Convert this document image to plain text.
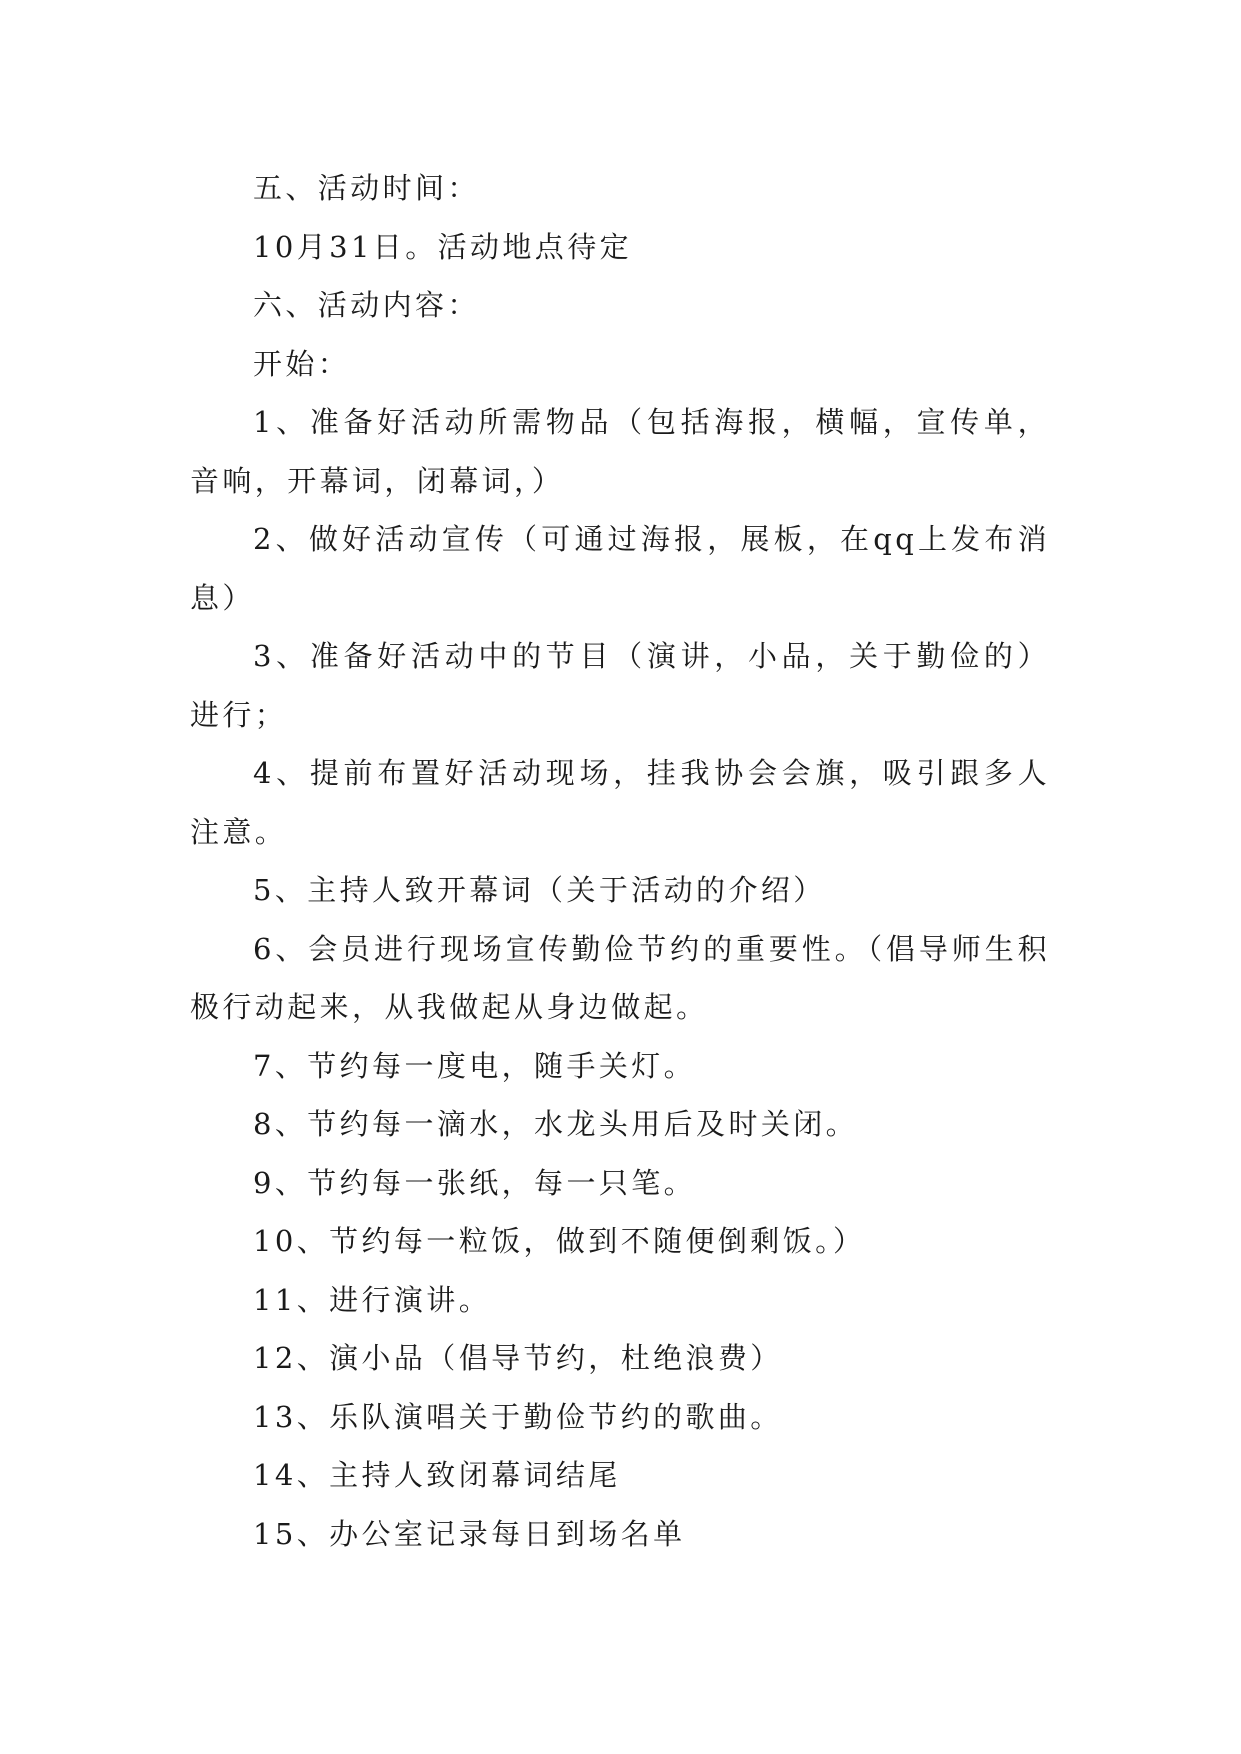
五、活动时间：

10月31日。活动地点待定

六、活动内容：

开始：

1、准备好活动所需物品（包括海报，横幅，宣传单，音响，开幕词，闭幕词，）

2、做好活动宣传（可通过海报，展板，在qq上发布消息）

3、准备好活动中的节目（演讲，小品，关于勤俭的）进行；

4、提前布置好活动现场，挂我协会会旗，吸引跟多人注意。

5、主持人致开幕词（关于活动的介绍）

6、会员进行现场宣传勤俭节约的重要性。（倡导师生积极行动起来，从我做起从身边做起。

7、节约每一度电，随手关灯。

8、节约每一滴水，水龙头用后及时关闭。

9、节约每一张纸，每一只笔。

10、节约每一粒饭，做到不随便倒剩饭。）

11、进行演讲。

12、演小品（倡导节约，杜绝浪费）

13、乐队演唱关于勤俭节约的歌曲。

14、主持人致闭幕词结尾

15、办公室记录每日到场名单
